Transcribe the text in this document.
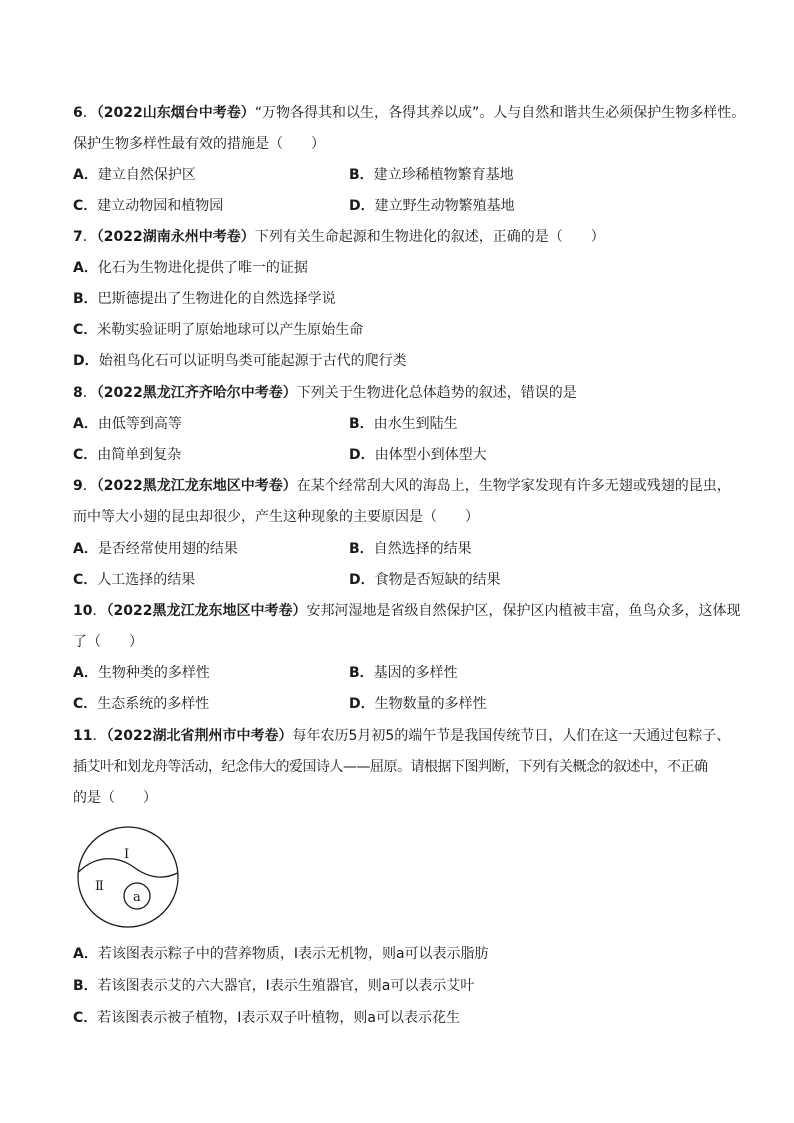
6．（2022山东烟台中考卷）“万物各得其和以生，各得其养以成”。人与自然和谐共生必须保护生物多样性。
保护生物多样性最有效的措施是（　　）
A．建立自然保护区	B．建立珍稀植物繁育基地
C．建立动物园和植物园	D．建立野生动物繁殖基地
7．（2022湖南永州中考卷）下列有关生命起源和生物进化的叙述，正确的是（　　）
A．化石为生物进化提供了唯一的证据
B．巴斯德提出了生物进化的自然选择学说
C．米勒实验证明了原始地球可以产生原始生命
D．始祖鸟化石可以证明鸟类可能起源于古代的爬行类
8．（2022黑龙江齐齐哈尔中考卷）下列关于生物进化总体趋势的叙述，错误的是
A．由低等到高等	B．由水生到陆生
C．由简单到复杂	D．由体型小到体型大
9．（2022黑龙江龙东地区中考卷）在某个经常刮大风的海岛上，生物学家发现有许多无翅或残翅的昆虫，
而中等大小翅的昆虫却很少，产生这种现象的主要原因是（　　）
A．是否经常使用翅的结果	B．自然选择的结果
C．人工选择的结果	D．食物是否短缺的结果
10．（2022黑龙江龙东地区中考卷）安邦河湿地是省级自然保护区，保护区内植被丰富，鱼鸟众多，这体现
了（　　）
A．生物种类的多样性	B．基因的多样性
C．生态系统的多样性	D．生物数量的多样性
11．（2022湖北省荆州市中考卷）每年农历5月初5的端午节是我国传统节日，人们在这一天通过包粽子、
插艾叶和划龙舟等活动，纪念伟大的爱国诗人——屈原。请根据下图判断，下列有关概念的叙述中，不正确
的是（　　）
Ⅰ
Ⅱ
a
A．若该图表示粽子中的营养物质，Ⅰ表示无机物，则a可以表示脂肪
B．若该图表示艾的六大器官，Ⅰ表示生殖器官，则a可以表示艾叶
C．若该图表示被子植物，Ⅰ表示双子叶植物，则a可以表示花生
